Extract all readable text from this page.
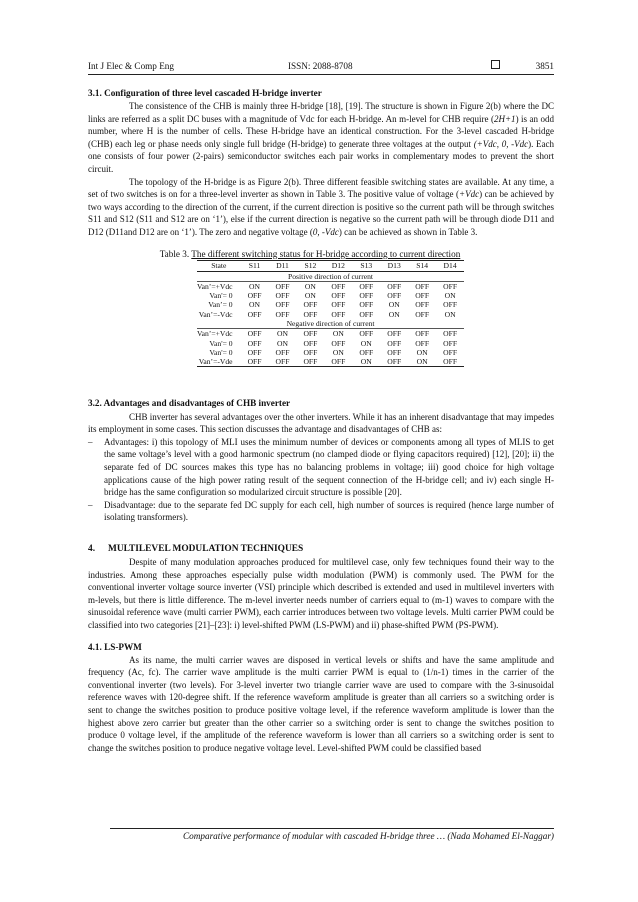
Int J Elec & Comp Eng	ISSN: 2088-8708	3851
3.1. Configuration of three level cascaded H-bridge inverter

The consistence of the CHB is mainly three H-bridge [18], [19]. The structure is shown in Figure 2(b) where the DC links are referred as a split DC buses with a magnitude of Vdc for each H-bridge. An m-level for CHB require (2H+1) is an odd number, where H is the number of cells. These H-bridge have an identical construction. For the 3-level cascaded H-bridge (CHB) each leg or phase needs only single full bridge (H-bridge) to generate three voltages at the output (+Vdc, 0, -Vdc). Each one consists of four power (2-pairs) semiconductor switches each pair works in complementary modes to prevent the short circuit.

The topology of the H-bridge is as Figure 2(b). Three different feasible switching states are available. At any time, a set of two switches is on for a three-level inverter as shown in Table 3. The positive value of voltage (+Vdc) can be achieved by two ways according to the direction of the current, if the current direction is positive so the current path will be through switches S11 and S12 (S11 and S12 are on ‘1’), else if the current direction is negative so the current path will be through diode D11 and D12 (D11and D12 are on ‘1’). The zero and negative voltage (0, -Vdc) can be achieved as shown in Table 3.

Table 3. The different switching status for H-bridge according to current direction
State	S11	D11	S12	D12	S13	D13	S14	D14
Positive direction of current								
Van’=+Vdc	ON	OFF	ON	OFF	OFF	OFF	OFF	OFF
Van'= 0	OFF	OFF	ON	OFF	OFF	OFF	OFF	ON
Van’= 0	ON	OFF	OFF	OFF	OFF	ON	OFF	OFF
Van’=-Vdc	OFF	OFF	OFF	OFF	OFF	ON	OFF	ON
Negative direction of current								
Van’=+Vdc	OFF	ON	OFF	ON	OFF	OFF	OFF	OFF
Van'= 0	OFF	ON	OFF	OFF	ON	OFF	OFF	OFF
Van'= 0	OFF	OFF	OFF	ON	OFF	OFF	ON	OFF
Van’=-Vde	OFF	OFF	OFF	OFF	ON	OFF	ON	OFF
3.2. Advantages and disadvantages of CHB inverter

CHB inverter has several advantages over the other inverters. While it has an inherent disadvantage that may impedes its employment in some cases. This section discusses the advantage and disadvantages of CHB as:

– Advantages: i) this topology of MLI uses the minimum number of devices or components among all types of MLIS to get the same voltage’s level with a good harmonic spectrum (no clamped diode or flying capacitors required) [12], [20]; ii) the separate fed of DC sources makes this type has no balancing problems in voltage; iii) good choice for high voltage applications cause of the high power rating result of the sequent connection of the H-bridge cell; and iv) each single H-bridge has the same configuration so modularized circuit structure is possible [20].
– Disadvantage: due to the separate fed DC supply for each cell, high number of sources is required (hence large number of isolating transformers).
4. MULTILEVEL MODULATION TECHNIQUES

Despite of many modulation approaches produced for multilevel case, only few techniques found their way to the industries. Among these approaches especially pulse width modulation (PWM) is commonly used. The PWM for the conventional inverter voltage source inverter (VSI) principle which described is extended and used in multilevel inverters with m-levels, but there is little difference. The m-level inverter needs number of carriers equal to (m-1) waves to compare with the sinusoidal reference wave (multi carrier PWM), each carrier introduces between two voltage levels. Multi carrier PWM could be classified into two categories [21]–[23]: i) level-shifted PWM (LS-PWM) and ii) phase-shifted PWM (PS-PWM).

4.1. LS-PWM

As its name, the multi carrier waves are disposed in vertical levels or shifts and have the same amplitude and frequency (Ac, fc). The carrier wave amplitude is the multi carrier PWM is equal to (1/n-1) times in the carrier of the conventional inverter (two levels). For 3-level inverter two triangle carrier wave are used to compare with the 3-sinusoidal reference waves with 120-degree shift. If the reference waveform amplitude is greater than all carriers so a switching order is sent to change the switches position to produce positive voltage level, if the reference waveform amplitude is lower than the highest above zero carrier but greater than the other carrier so a switching order is sent to change the switches position to produce 0 voltage level, if the amplitude of the reference waveform is lower than all carriers so a switching order is sent to change the switches position to produce negative voltage level. Level-shifted PWM could be classified based

Comparative performance of modular with cascaded H-bridge three … (Nada Mohamed El-Naggar)
